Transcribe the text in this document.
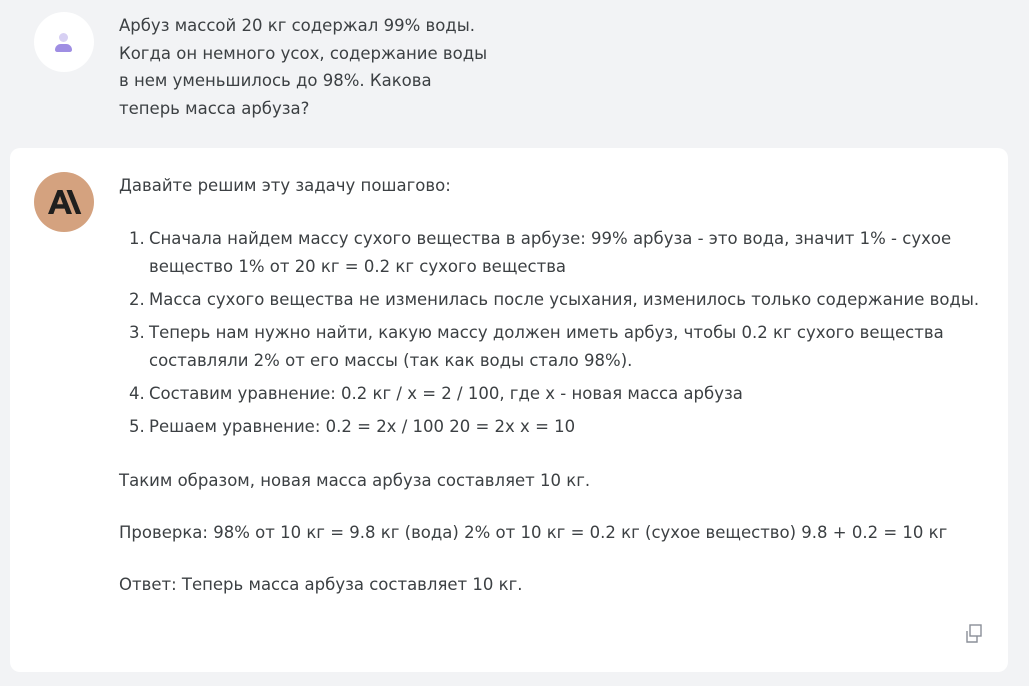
Арбуз массой 20 кг содержал 99% воды.
Когда он немного усох, содержание воды
в нем уменьшилось до 98%. Какова
теперь масса арбуза?
Давайте решим эту задачу пошагово:
1. Сначала найдем массу сухого вещества в арбузе: 99% арбуза - это вода, значит 1% - сухое вещество 1% от 20 кг = 0.2 кг сухого вещества
2. Масса сухого вещества не изменилась после усыхания, изменилось только содержание воды.
3. Теперь нам нужно найти, какую массу должен иметь арбуз, чтобы 0.2 кг сухого вещества составляли 2% от его массы (так как воды стало 98%).
4. Составим уравнение: 0.2 кг / x = 2 / 100, где x - новая масса арбуза
5. Решаем уравнение: 0.2 = 2x / 100 20 = 2x x = 10
Таким образом, новая масса арбуза составляет 10 кг.
Проверка: 98% от 10 кг = 9.8 кг (вода) 2% от 10 кг = 0.2 кг (сухое вещество) 9.8 + 0.2 = 10 кг
Ответ: Теперь масса арбуза составляет 10 кг.
